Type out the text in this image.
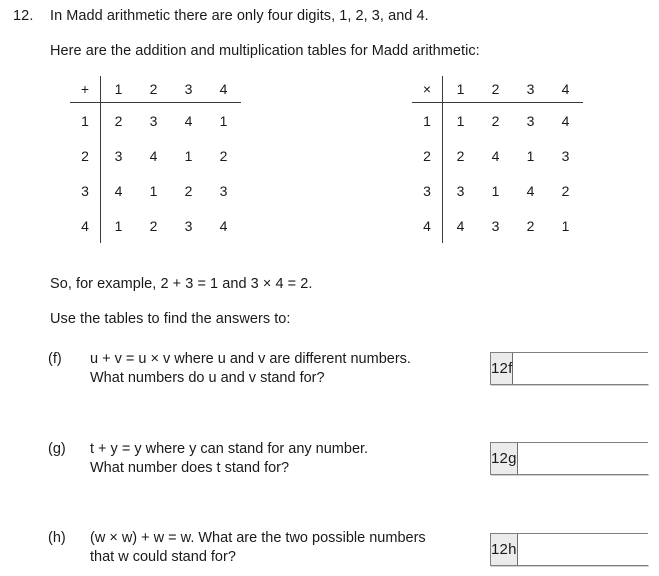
12. In Madd arithmetic there are only four digits, 1, 2, 3, and 4.
Here are the addition and multiplication tables for Madd arithmetic:
+	1	2	3	4
1	2	3	4	1
2	3	4	1	2
3	4	1	2	3
4	1	2	3	4
×	1	2	3	4
1	1	2	3	4
2	2	4	1	3
3	3	1	4	2
4	4	3	2	1
So, for example, 2 + 3 = 1 and 3 × 4 = 2.
Use the tables to find the answers to:
(f)	u + v = u × v where u and v are different numbers.
What numbers do u and v stand for?
(g)	t + y = y where y can stand for any number.
What number does t stand for?
(h)	(w × w) + w = w. What are the two possible numbers
that w could stand for?
12f
12g
12h
